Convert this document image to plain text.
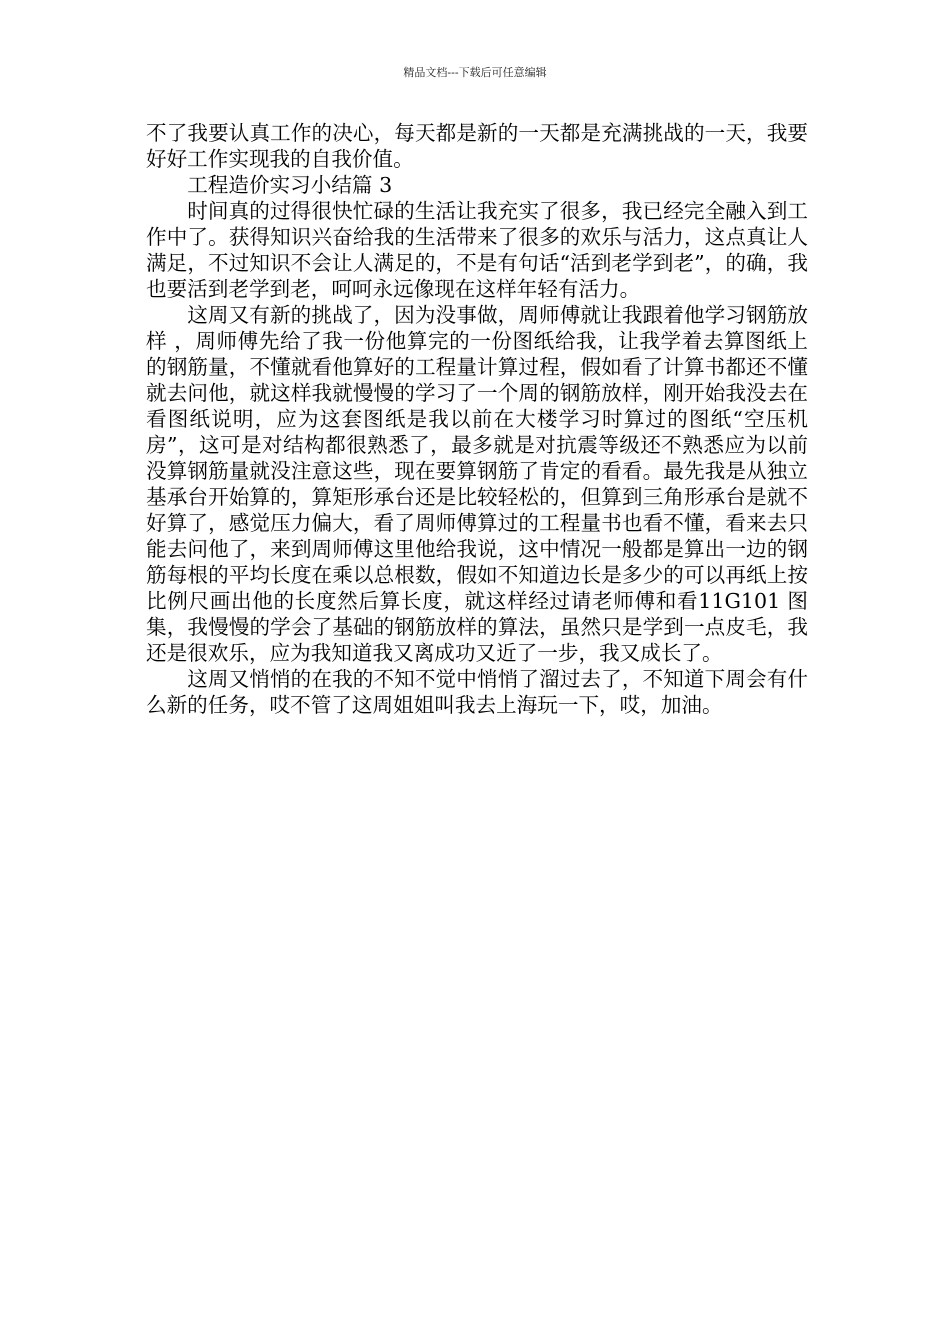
精品文档---下载后可任意编辑

不了我要认真工作的决心，每天都是新的一天都是充满挑战的一天，我要好好工作实现我的自我价值。

工程造价实习小结篇 3

时间真的过得很快忙碌的生活让我充实了很多，我已经完全融入到工作中了。获得知识兴奋给我的生活带来了很多的欢乐与活力，这点真让人满足，不过知识不会让人满足的，不是有句话“活到老学到老”，的确，我也要活到老学到老，呵呵永远像现在这样年轻有活力。

这周又有新的挑战了，因为没事做，周师傅就让我跟着他学习钢筋放样 ，周师傅先给了我一份他算完的一份图纸给我，让我学着去算图纸上的钢筋量，不懂就看他算好的工程量计算过程，假如看了计算书都还不懂就去问他，就这样我就慢慢的学习了一个周的钢筋放样，刚开始我没去在看图纸说明，应为这套图纸是我以前在大楼学习时算过的图纸“空压机房”，这可是对结构都很熟悉了，最多就是对抗震等级还不熟悉应为以前没算钢筋量就没注意这些，现在要算钢筋了肯定的看看。最先我是从独立基承台开始算的，算矩形承台还是比较轻松的，但算到三角形承台是就不好算了，感觉压力偏大，看了周师傅算过的工程量书也看不懂，看来去只能去问他了，来到周师傅这里他给我说，这中情况一般都是算出一边的钢筋每根的平均长度在乘以总根数，假如不知道边长是多少的可以再纸上按比例尺画出他的长度然后算长度，就这样经过请老师傅和看11G101 图集，我慢慢的学会了基础的钢筋放样的算法，虽然只是学到一点皮毛，我还是很欢乐，应为我知道我又离成功又近了一步，我又成长了。

这周又悄悄的在我的不知不觉中悄悄了溜过去了，不知道下周会有什么新的任务，哎不管了这周姐姐叫我去上海玩一下，哎，加油。
